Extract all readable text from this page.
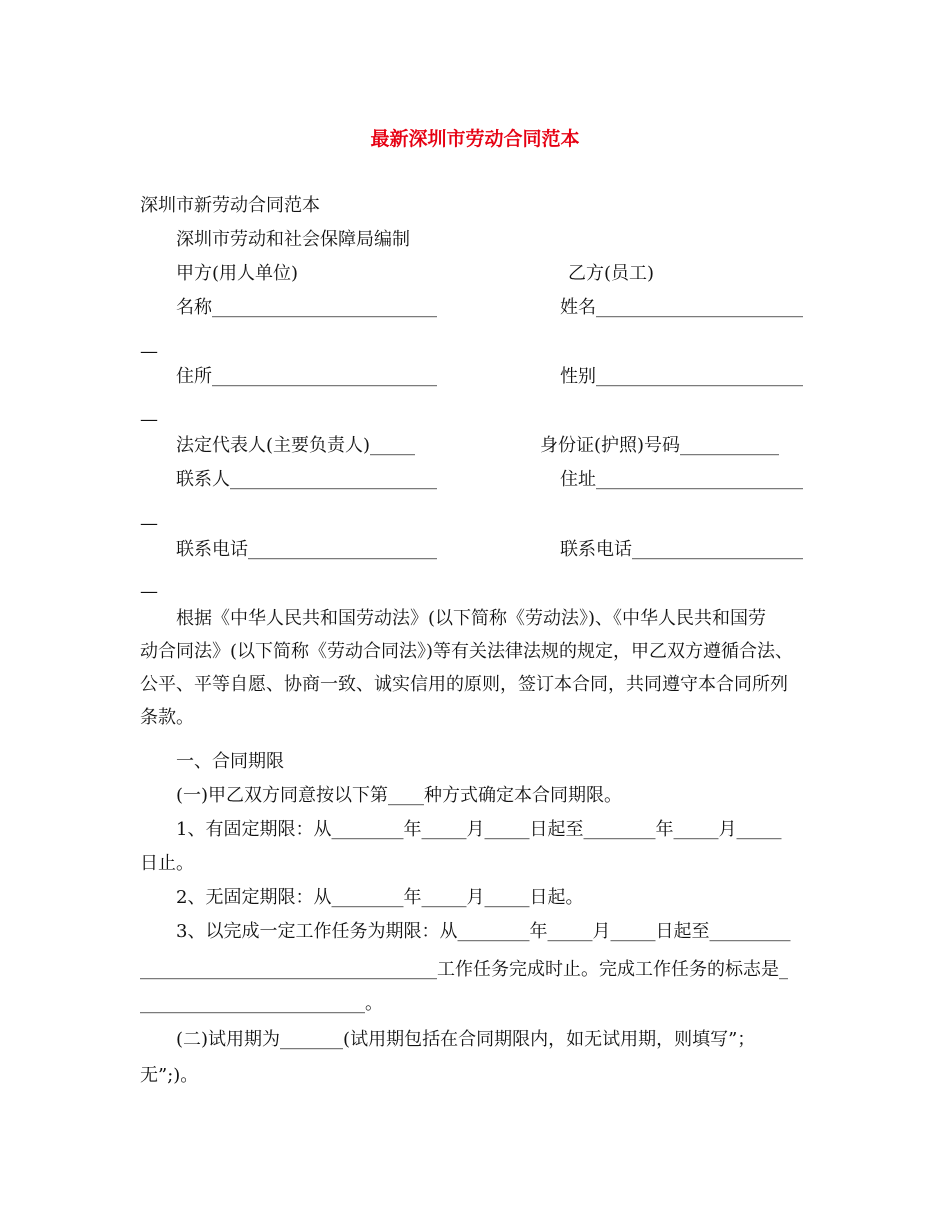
最新深圳市劳动合同范本
深圳市新劳动合同范本
深圳市劳动和社会保障局编制
甲方(用人单位)	乙方(员工)
名称_________________________	姓名_______________________
—
住所_________________________	性别_______________________
—
法定代表人(主要负责人)_____	身份证(护照)号码___________
联系人_______________________	住址_______________________
—
联系电话_____________________	联系电话___________________
—
根据《中华人民共和国劳动法》(以下简称《劳动法》)、《中华人民共和国劳
动合同法》(以下简称《劳动合同法》)等有关法律法规的规定，甲乙双方遵循合法、
公平、平等自愿、协商一致、诚实信用的原则，签订本合同，共同遵守本合同所列
条款。
一、合同期限
(一)甲乙双方同意按以下第____种方式确定本合同期限。
1、有固定期限：从________年_____月_____日起至________年_____月_____
日止。
2、无固定期限：从________年_____月_____日起。
3、以完成一定工作任务为期限：从________年_____月_____日起至_________
_________________________________工作任务完成时止。完成工作任务的标志是_
_________________________。
(二)试用期为_______(试用期包括在合同期限内，如无试用期，则填写”；
无”;)。
